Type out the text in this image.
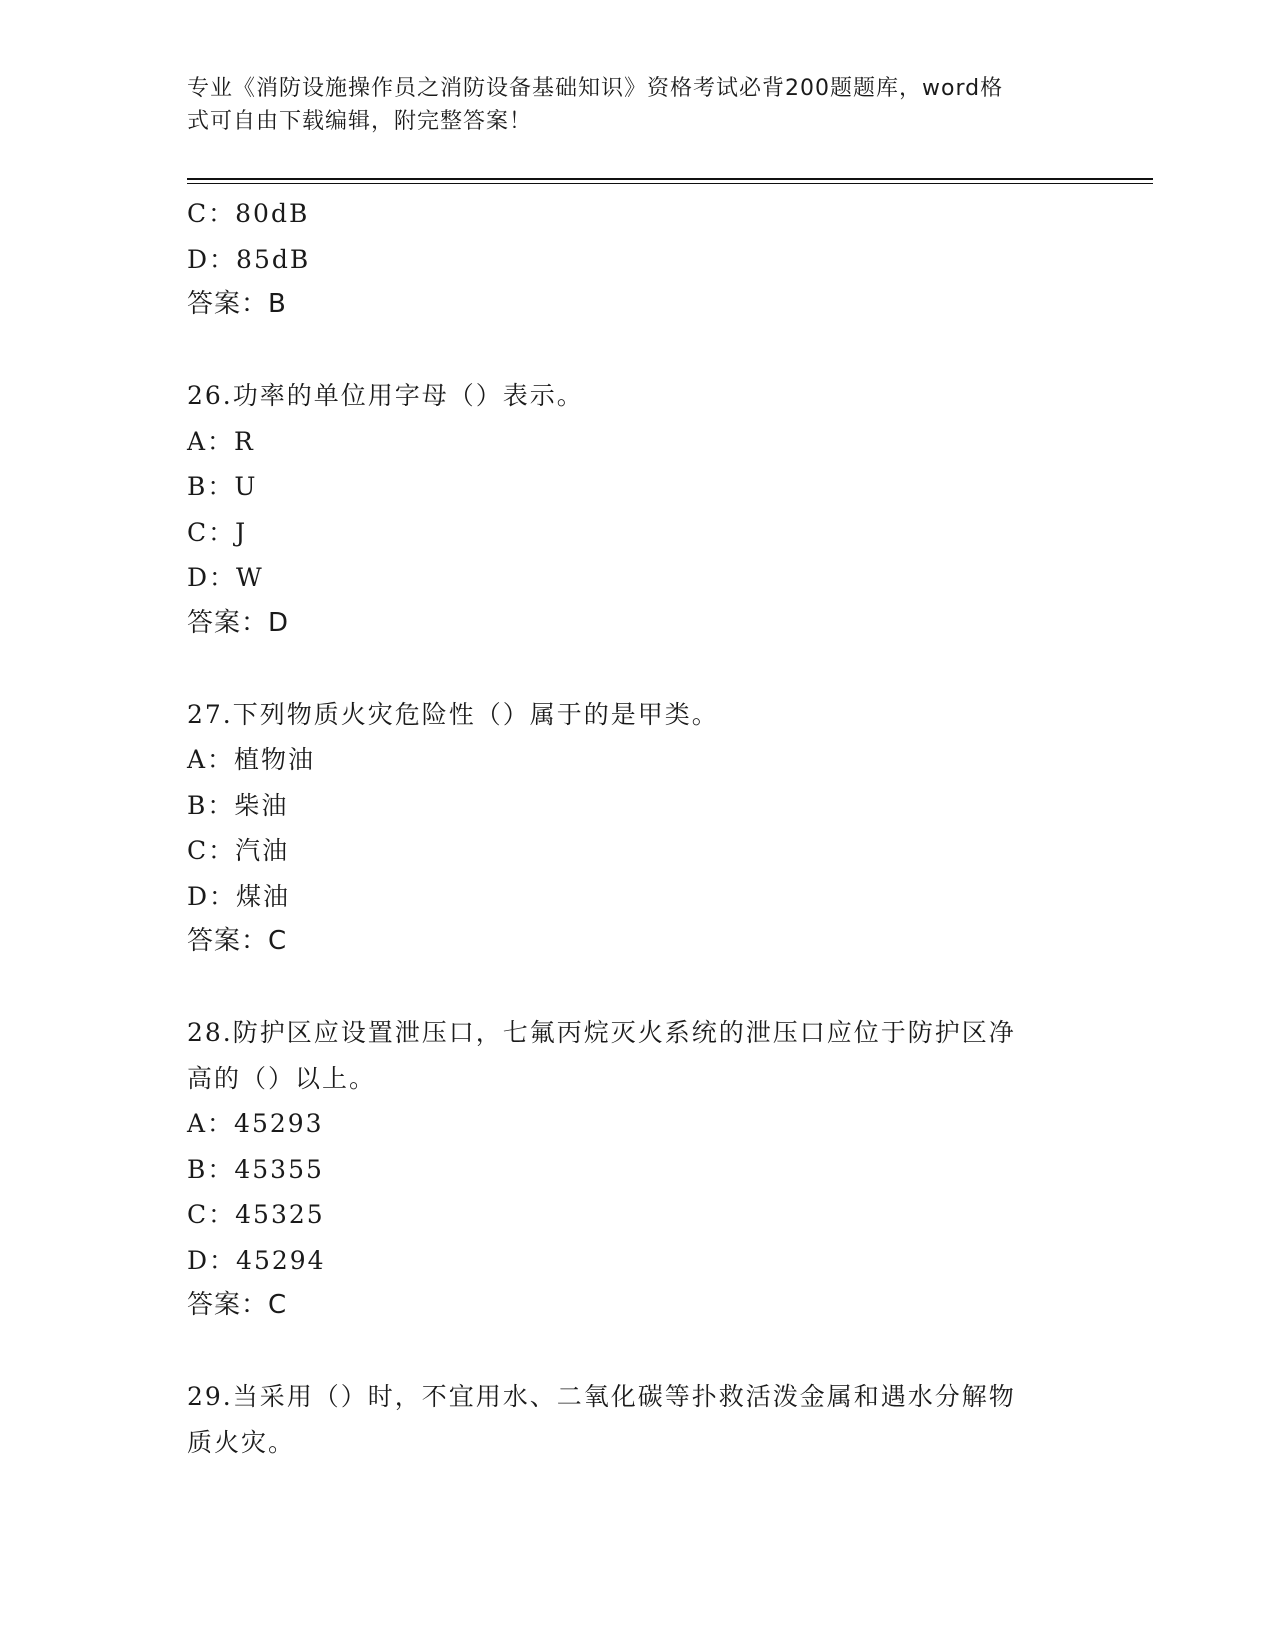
专业《消防设施操作员之消防设备基础知识》资格考试必背200题题库，word格
式可自由下载编辑，附完整答案！
C：80dB
D：85dB
答案：B
26.功率的单位用字母（）表示。
A：R
B：U
C：J
D：W
答案：D
27.下列物质火灾危险性（）属于的是甲类。
A：植物油
B：柴油
C：汽油
D：煤油
答案：C
28.防护区应设置泄压口，七氟丙烷灭火系统的泄压口应位于防护区净
高的（）以上。
A：45293
B：45355
C：45325
D：45294
答案：C
29.当采用（）时，不宜用水、二氧化碳等扑救活泼金属和遇水分解物
质火灾。
